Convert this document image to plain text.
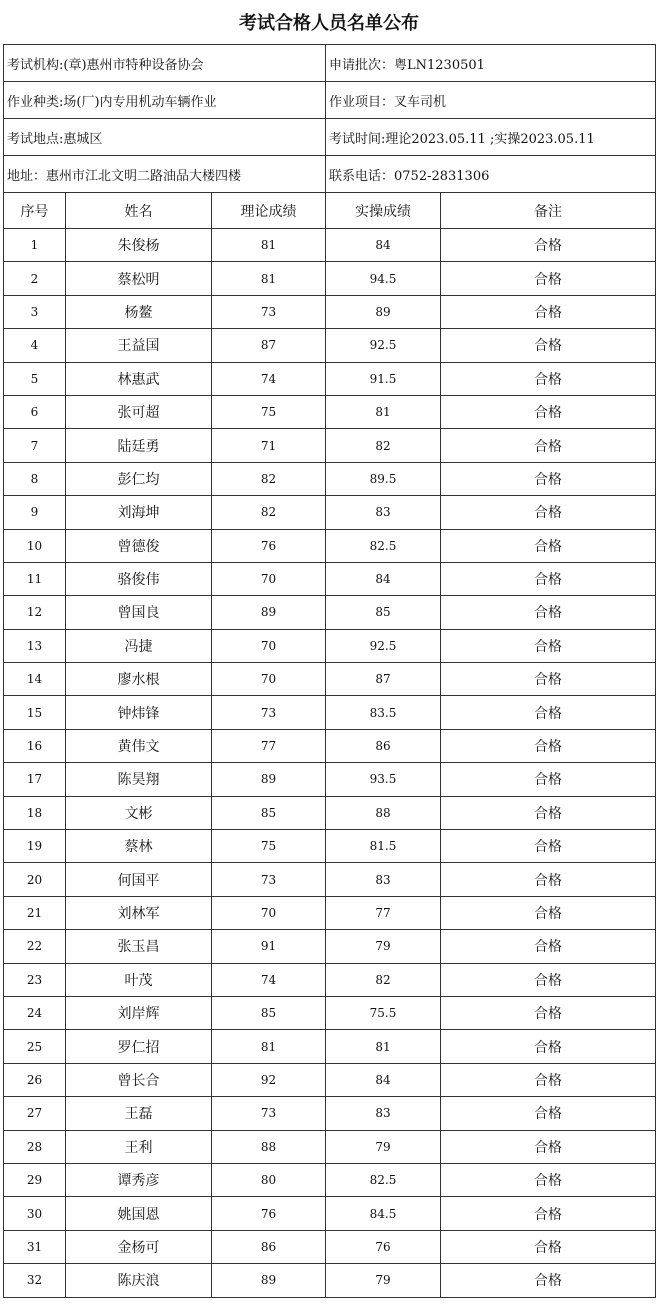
考试合格人员名单公布
考试机构:(章)惠州市特种设备协会			申请批次：粤LN1230501	
作业种类:场(厂)内专用机动车辆作业			作业项目：叉车司机	
考试地点:惠城区			考试时间:理论2023.05.11 ;实操2023.05.11	
地址：惠州市江北文明二路油品大楼四楼			联系电话：0752-2831306	
序号	姓名	理论成绩	实操成绩	备注
1	朱俊杨	81	84	合格
2	蔡松明	81	94.5	合格
3	杨鳌	73	89	合格
4	王益国	87	92.5	合格
5	林惠武	74	91.5	合格
6	张可超	75	81	合格
7	陆廷勇	71	82	合格
8	彭仁均	82	89.5	合格
9	刘海坤	82	83	合格
10	曾德俊	76	82.5	合格
11	骆俊伟	70	84	合格
12	曾国良	89	85	合格
13	冯捷	70	92.5	合格
14	廖水根	70	87	合格
15	钟炜锋	73	83.5	合格
16	黄伟文	77	86	合格
17	陈昊翔	89	93.5	合格
18	文彬	85	88	合格
19	蔡林	75	81.5	合格
20	何国平	73	83	合格
21	刘林军	70	77	合格
22	张玉昌	91	79	合格
23	叶茂	74	82	合格
24	刘岸辉	85	75.5	合格
25	罗仁招	81	81	合格
26	曾长合	92	84	合格
27	王磊	73	83	合格
28	王利	88	79	合格
29	谭秀彦	80	82.5	合格
30	姚国恩	76	84.5	合格
31	金杨可	86	76	合格
32	陈庆浪	89	79	合格
